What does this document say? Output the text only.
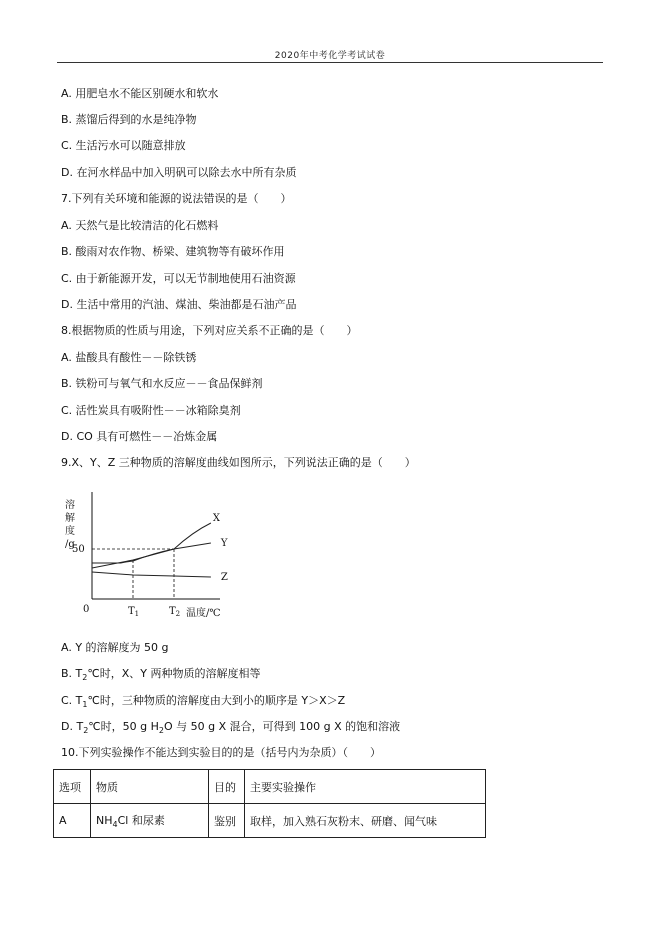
2020年中考化学考试试卷
A. 用肥皂水不能区别硬水和软水
B. 蒸馏后得到的水是纯净物
C. 生活污水可以随意排放
D. 在河水样品中加入明矾可以除去水中所有杂质
7.下列有关环境和能源的说法错误的是（　　）
A. 天然气是比较清洁的化石燃料
B. 酸雨对农作物、桥梁、建筑物等有破坏作用
C. 由于新能源开发，可以无节制地使用石油资源
D. 生活中常用的汽油、煤油、柴油都是石油产品
8.根据物质的性质与用途，下列对应关系不正确的是（　　）
A. 盐酸具有酸性－－除铁锈
B. 铁粉可与氧气和水反应－－食品保鲜剂
C. 活性炭具有吸附性－－冰箱除臭剂
D. CO 具有可燃性－－冶炼金属
9.X、Y、Z 三种物质的溶解度曲线如图所示，下列说法正确的是（　　）
溶
解
度
/g
温度/℃
0
50
$T_1$	$T_2$
X
Y
Z
A. Y 的溶解度为 50 g
B. $T_2℃$时，X、Y 两种物质的溶解度相等
C. $T_1℃$时，三种物质的溶解度由大到小的顺序是 Y＞X＞Z
D. $T_2℃$时，50 g $H_2O$ 与 50 g X 混合，可得到 100 g X 的饱和溶液
10.下列实验操作不能达到实验目的的是（括号内为杂质）（　　）
选项	物质	目的	主要实验操作
A	$NH_4Cl$ 和尿素	鉴别	取样，加入熟石灰粉末、研磨、闻气味
